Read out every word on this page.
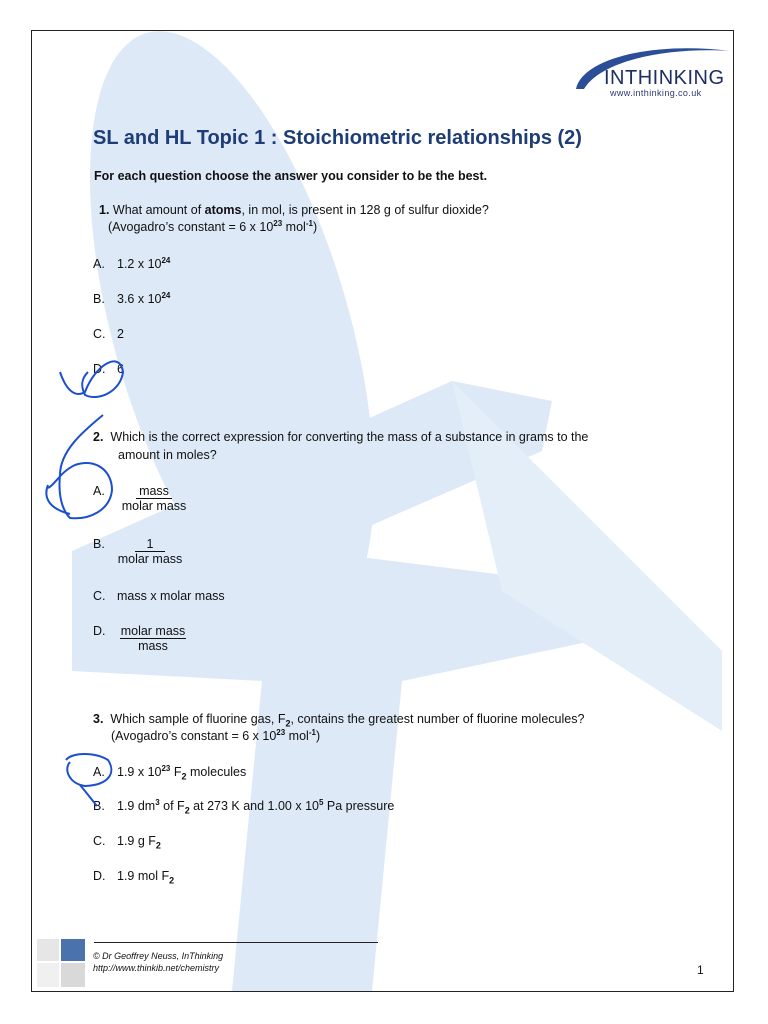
INTHINKING
www.inthinking.co.uk
SL and HL Topic 1 : Stoichiometric relationships (2)
For each question choose the answer you consider to be the best.
1. What amount of atoms, in mol, is present in 128 g of sulfur dioxide?
(Avogadro’s constant = 6 x $10^{23}$ mol$^{-1}$)
A. 1.2 x $10^{24}$
B. 3.6 x $10^{24}$
C. 2
D. 6
2. Which is the correct expression for converting the mass of a substance in grams to the
amount in moles?
A.	mass
molar mass
B.	1
molar mass
C. mass x molar mass
D.	molar mass
mass
3. Which sample of fluorine gas, $F_2$, contains the greatest number of fluorine molecules?
(Avogadro’s constant = 6 x $10^{23}$ mol$^{-1}$)
A. 1.9 x $10^{23}$ $F_2$ molecules
B. 1.9 $dm^3$ of $F_2$ at 273 K and 1.00 x $10^5$ Pa pressure
C. 1.9 g $F_2$
D. 1.9 mol $F_2$
© Dr Geoffrey Neuss, InThinking
http://www.thinkib.net/chemistry	1
